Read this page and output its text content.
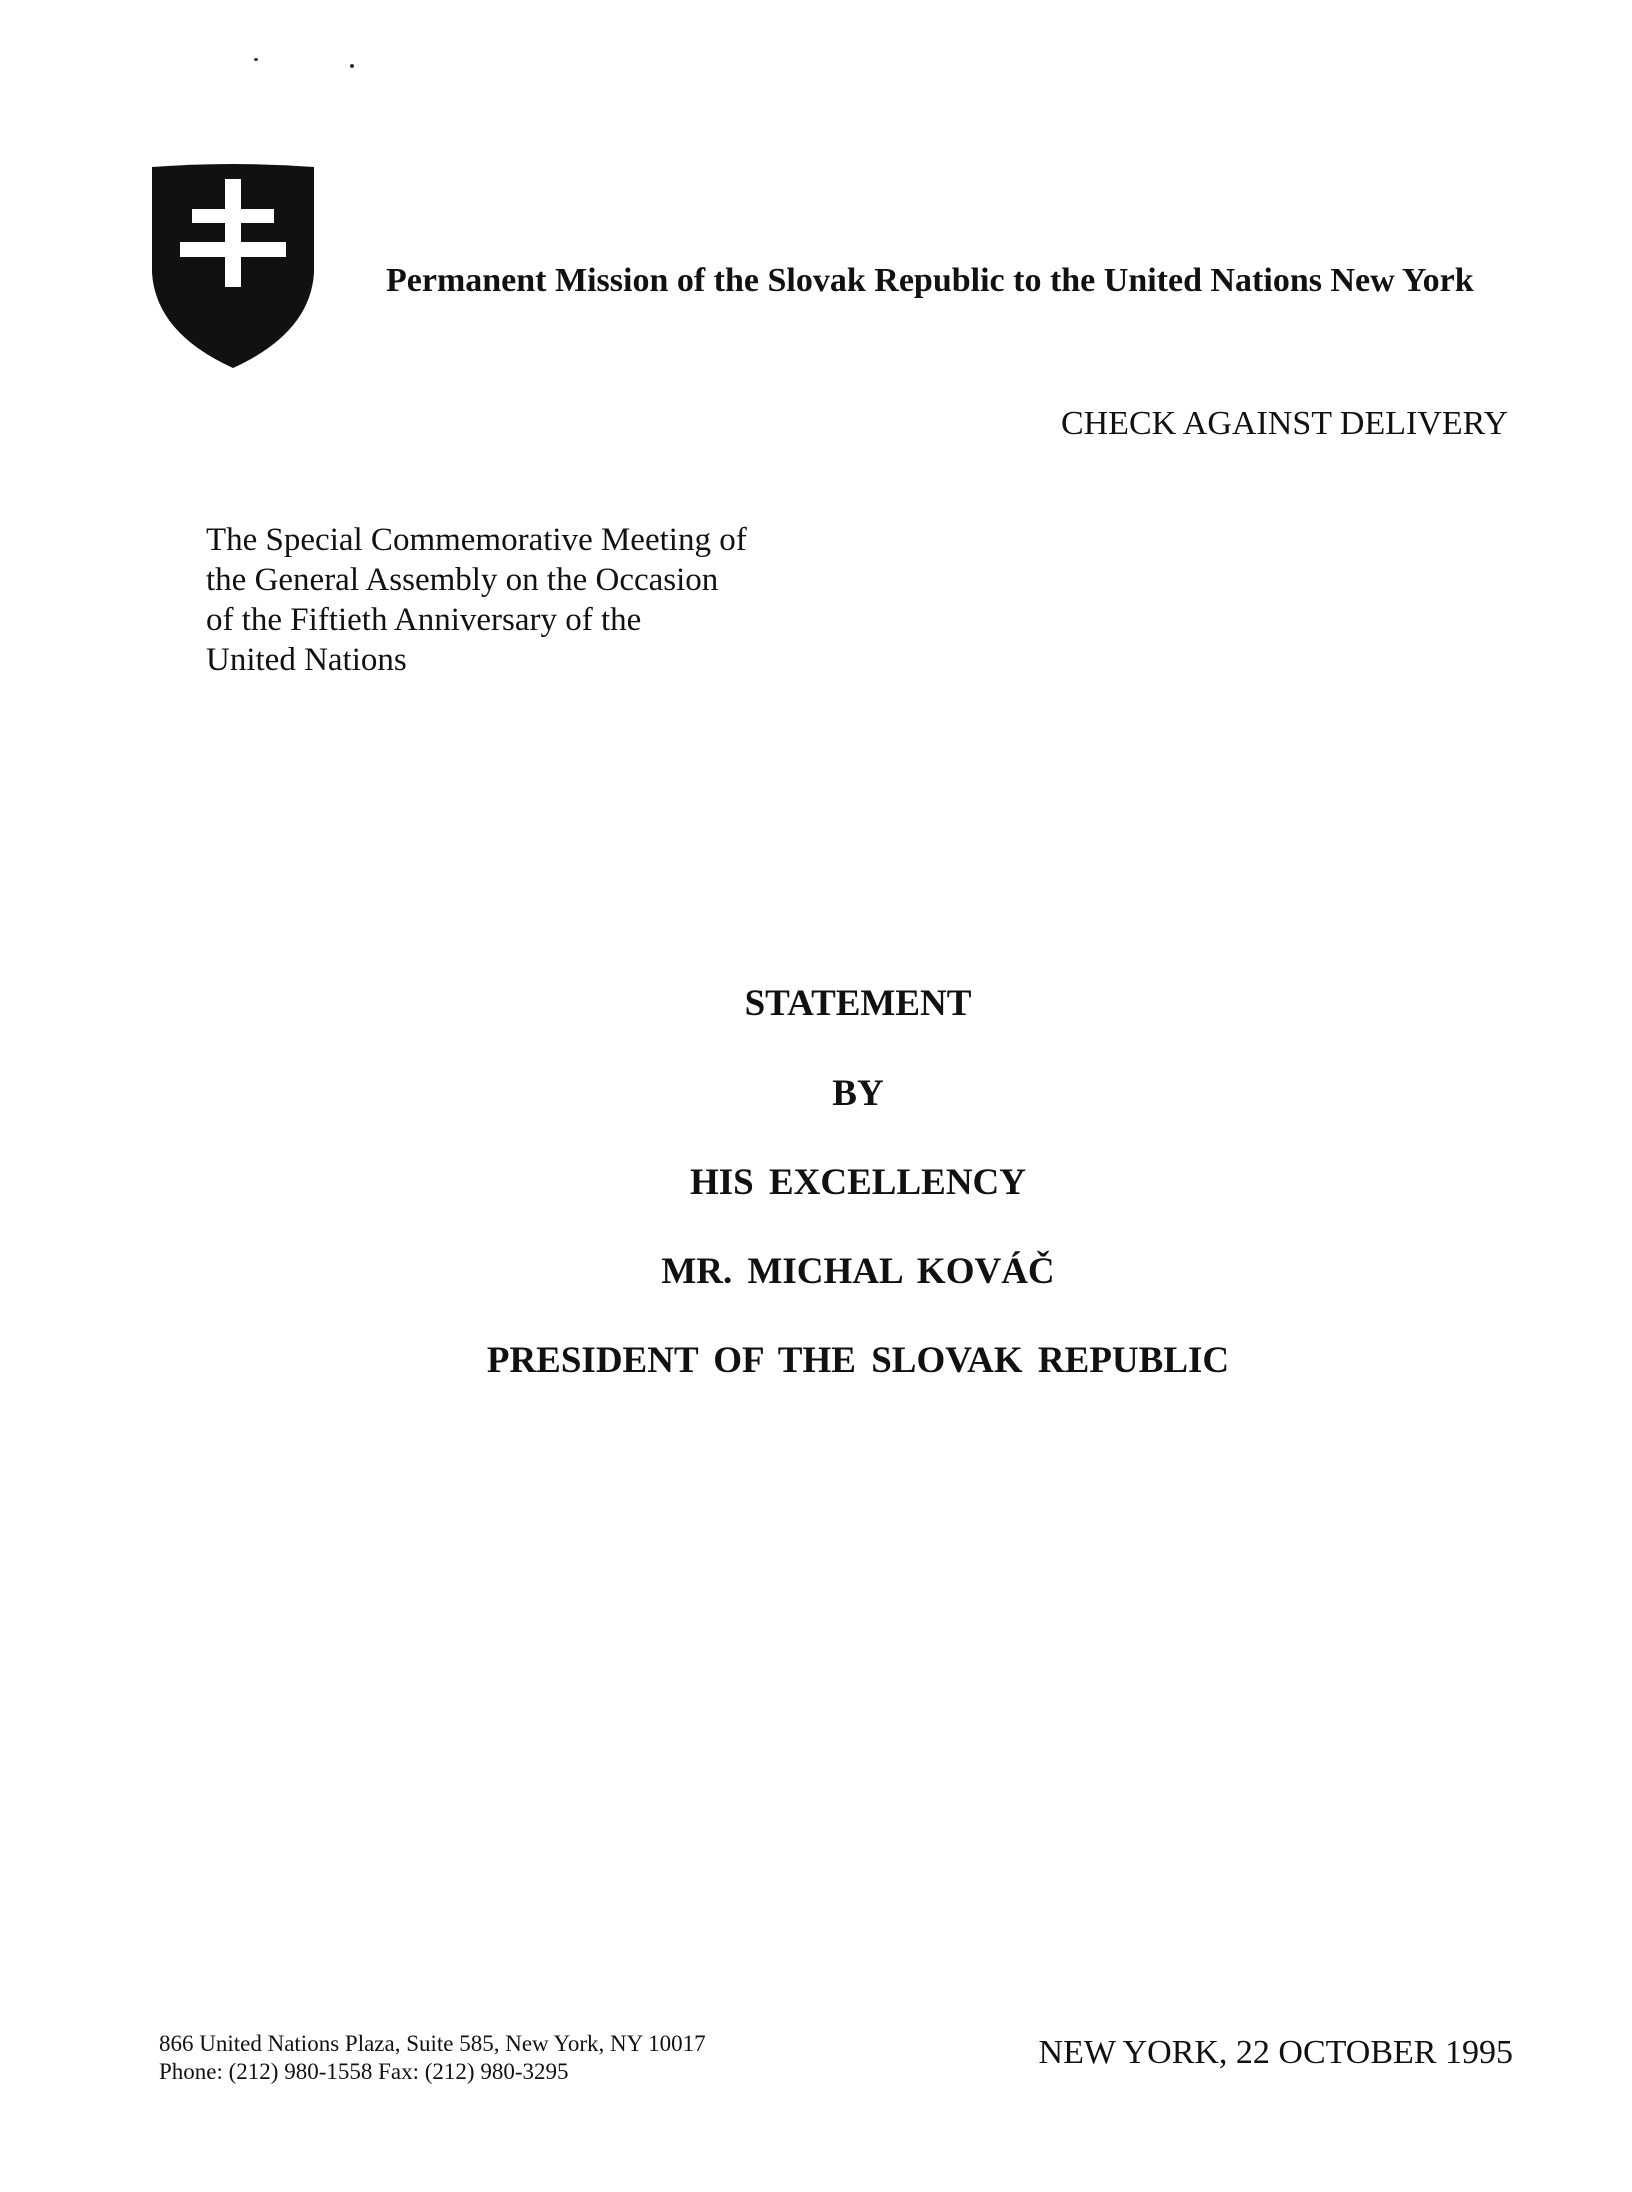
Permanent Mission of the Slovak Republic to the United Nations New York
CHECK AGAINST DELIVERY
The Special Commemorative Meeting of
the General Assembly on the Occasion
of the Fiftieth Anniversary of the
United Nations
STATEMENT
BY
HIS EXCELLENCY
MR. MICHAL KOVÁČ
PRESIDENT OF THE SLOVAK REPUBLIC
866 United Nations Plaza, Suite 585, New York, NY 10017
Phone: (212) 980-1558 Fax: (212) 980-3295
NEW YORK, 22 OCTOBER 1995
